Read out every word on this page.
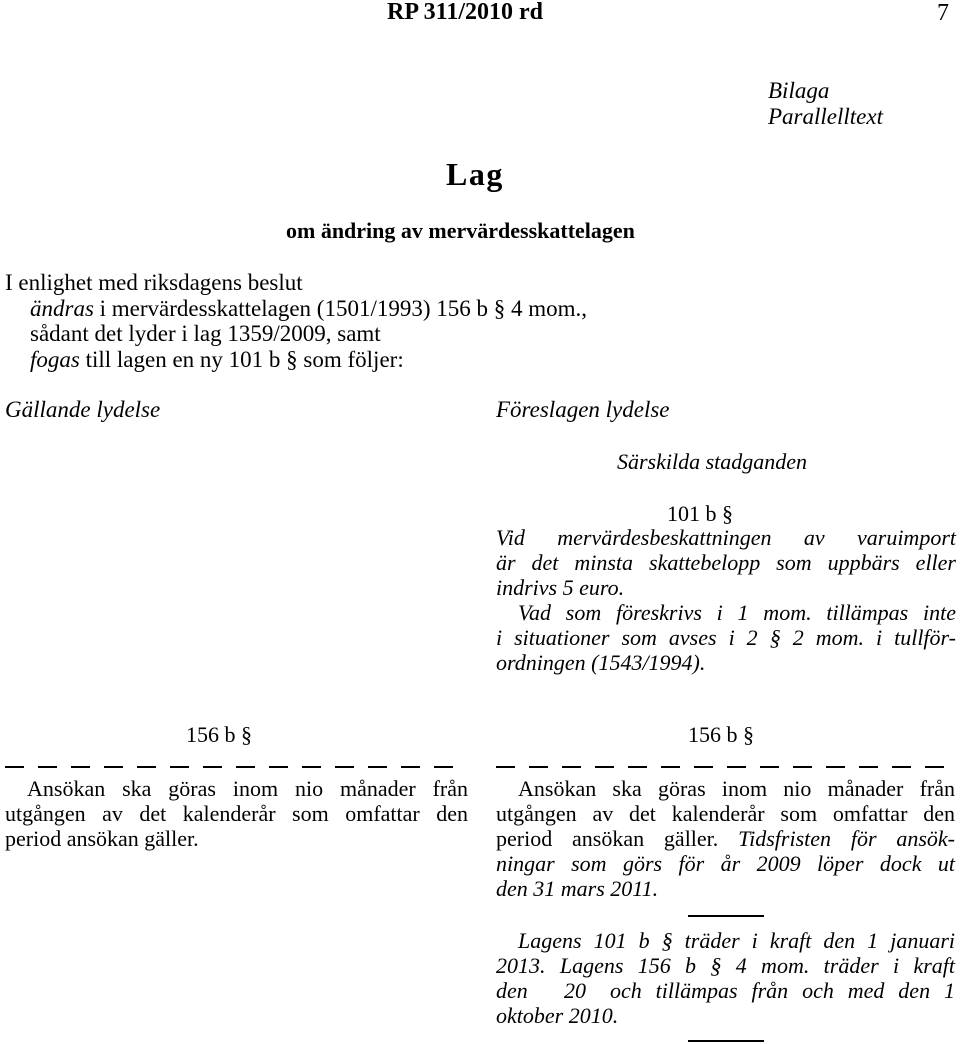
RP 311/2010 rd	7
Bilaga
Parallelltext
Lag
om ändring av mervärdesskattelagen
I enlighet med riksdagens beslut
ändras i mervärdesskattelagen (1501/1993) 156 b § 4 mom.,
sådant det lyder i lag 1359/2009, samt
fogas till lagen en ny 101 b § som följer:
Gällande lydelse	Föreslagen lydelse
Särskilda stadganden
101 b §
Vid mervärdesbeskattningen av varuimport
är det minsta skattebelopp som uppbärs eller
indrivs 5 euro.
Vad som föreskrivs i 1 mom. tillämpas inte
i situationer som avses i 2 § 2 mom. i tullför-
ordningen (1543/1994).
156 b §
Ansökan ska göras inom nio månader från
utgången av det kalenderår som omfattar den
period ansökan gäller.
156 b §
Ansökan ska göras inom nio månader från
utgången av det kalenderår som omfattar den
period ansökan gäller. Tidsfristen för ansök-
ningar som görs för år 2009 löper dock ut
den 31 mars 2011.
Lagens 101 b § träder i kraft den 1 januari
2013. Lagens 156 b § 4 mom. träder i kraft
den 20 och tillämpas från och med den 1
oktober 2010.
